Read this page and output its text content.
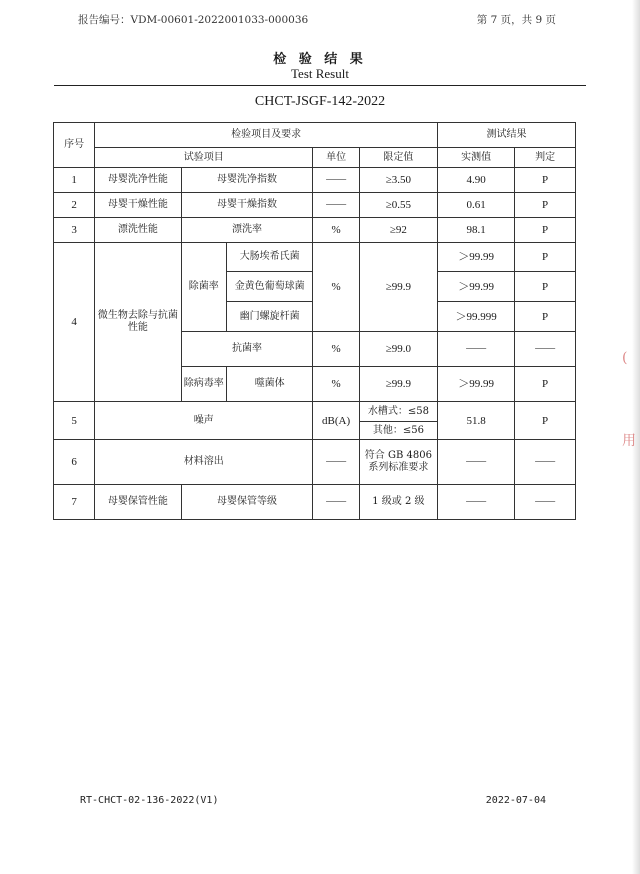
(
用
报告编号：VDM-00601-2022001033-000036	第 7 页，共 9 页
检 验 结 果
Test Result
CHCT-JSGF-142-2022
序号	检验项目及要求					测试结果	
	试验项目			单位	限定值	实测值	判定
1	母婴洗净性能	母婴洗净指数		——	≥3.50	4.90	P
2	母婴干燥性能	母婴干燥指数		——	≥0.55	0.61	P
3	漂洗性能	漂洗率		%	≥92	98.1	P
4	微生物去除与抗菌性能	除菌率	大肠埃希氏菌	%	≥99.9	＞99.99	P
			金黄色葡萄球菌			＞99.99	P
			幽门螺旋杆菌			＞99.999	P
		抗菌率		%	≥99.0	——	——
		除病毒率	噬菌体	%	≥99.9	＞99.99	P
5	噪声			dB(A)	水槽式：≤58	51.8	P
					其他：≤56		
6	材料溶出			——	符合 GB 4806 系列标准要求	——	——
7	母婴保管性能	母婴保管等级		——	1 级或 2 级	——	——
RT-CHCT-02-136-2022(V1)	2022-07-04
